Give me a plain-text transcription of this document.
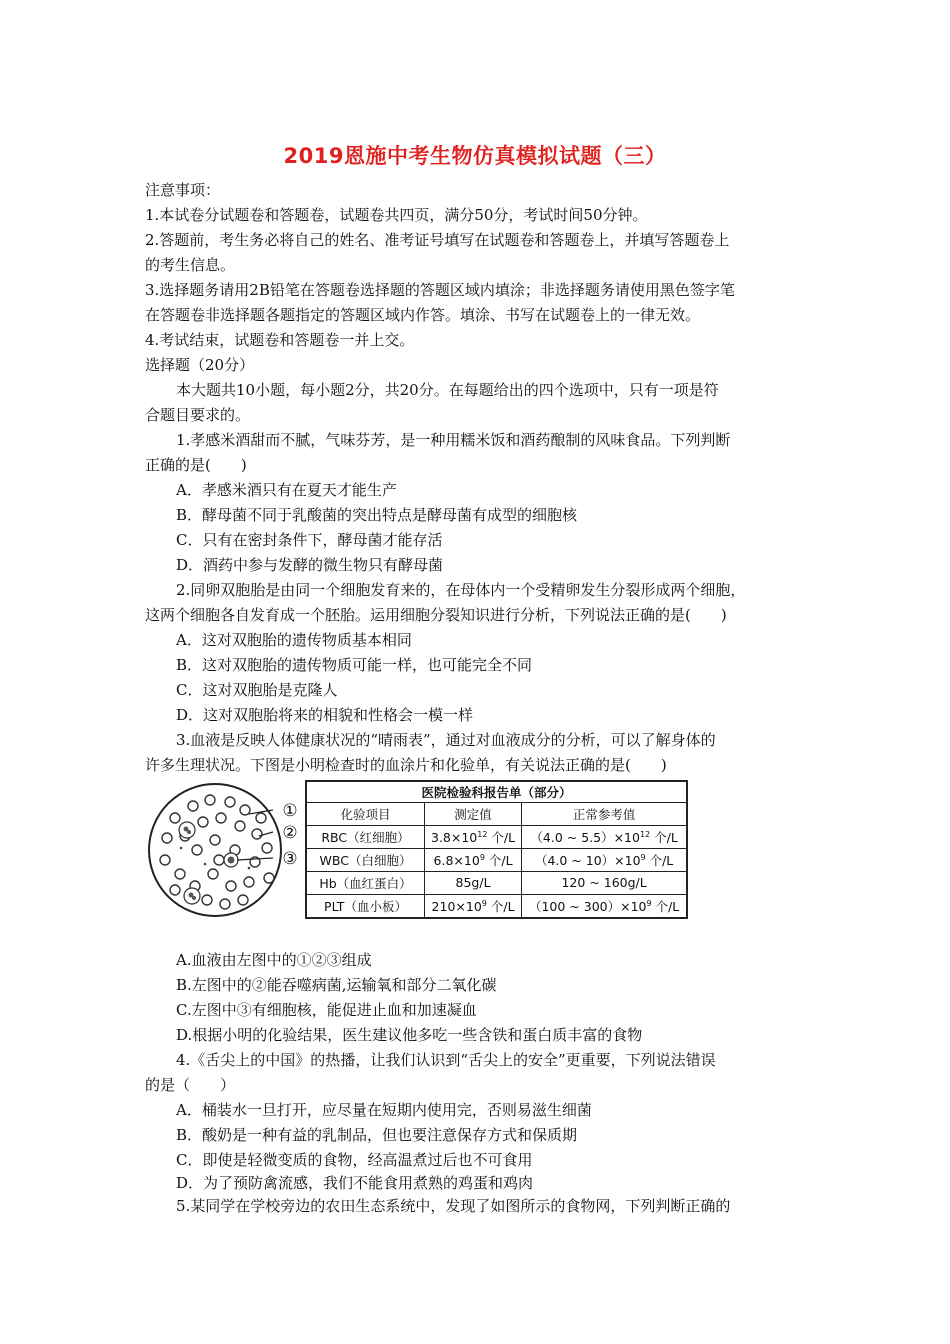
2019恩施中考生物仿真模拟试题（三）
注意事项：
1.本试卷分试题卷和答题卷，试题卷共四页，满分50分，考试时间50分钟。
2.答题前，考生务必将自己的姓名、准考证号填写在试题卷和答题卷上，并填写答题卷上
的考生信息。
3.选择题务请用2B铅笔在答题卷选择题的答题区域内填涂；非选择题务请使用黑色签字笔
在答题卷非选择题各题指定的答题区域内作答。填涂、书写在试题卷上的一律无效。
4.考试结束，试题卷和答题卷一并上交。
选择题（20分）
本大题共10小题，每小题2分，共20分。在每题给出的四个选项中，只有一项是符
合题目要求的。
1.孝感米酒甜而不腻，气味芬芳，是一种用糯米饭和酒药酿制的风味食品。下列判断
正确的是(　　)
A．孝感米酒只有在夏天才能生产
B．酵母菌不同于乳酸菌的突出特点是酵母菌有成型的细胞核
C．只有在密封条件下，酵母菌才能存活
D．酒药中参与发酵的微生物只有酵母菌
2.同卵双胞胎是由同一个细胞发育来的，在母体内一个受精卵发生分裂形成两个细胞，
这两个细胞各自发育成一个胚胎。运用细胞分裂知识进行分析，下列说法正确的是(　　)
A．这对双胞胎的遗传物质基本相同
B．这对双胞胎的遗传物质可能一样，也可能完全不同
C．这对双胞胎是克隆人
D．这对双胞胎将来的相貌和性格会一模一样
3.血液是反映人体健康状况的“晴雨表”，通过对血液成分的分析，可以了解身体的
许多生理状况。下图是小明检查时的血涂片和化验单，有关说法正确的是(　　)
①
②
③
医院检验科报告单（部分）		
化验项目	测定值	正常参考值
RBC（红细胞）	$3.8\times 10^{12}$ 个/L	（4.0 ~ $5.5)\times 10^{12}$ 个/L
WBC（白细胞）	$6.8\times 10^9$ 个/L	（4.0 ~ $10)\times 10^9$ 个/L
Hb（血红蛋白）	85g/L	120 ~ 160g/L
PLT（血小板）	$210\times 10^9$ 个/L	（100 ~ $300)\times 10^9$ 个/L
A.血液由左图中的①②③组成
B.左图中的②能吞噬病菌,运输氧和部分二氧化碳
C.左图中③有细胞核，能促进止血和加速凝血
D.根据小明的化验结果，医生建议他多吃一些含铁和蛋白质丰富的食物
4.《舌尖上的中国》的热播，让我们认识到“舌尖上的安全”更重要，下列说法错误
的是（　　）
A．桶装水一旦打开，应尽量在短期内使用完，否则易滋生细菌
B．酸奶是一种有益的乳制品，但也要注意保存方式和保质期
C．即使是轻微变质的食物，经高温煮过后也不可食用
D．为了预防禽流感，我们不能食用煮熟的鸡蛋和鸡肉
5.某同学在学校旁边的农田生态系统中，发现了如图所示的食物网，下列判断正确的
